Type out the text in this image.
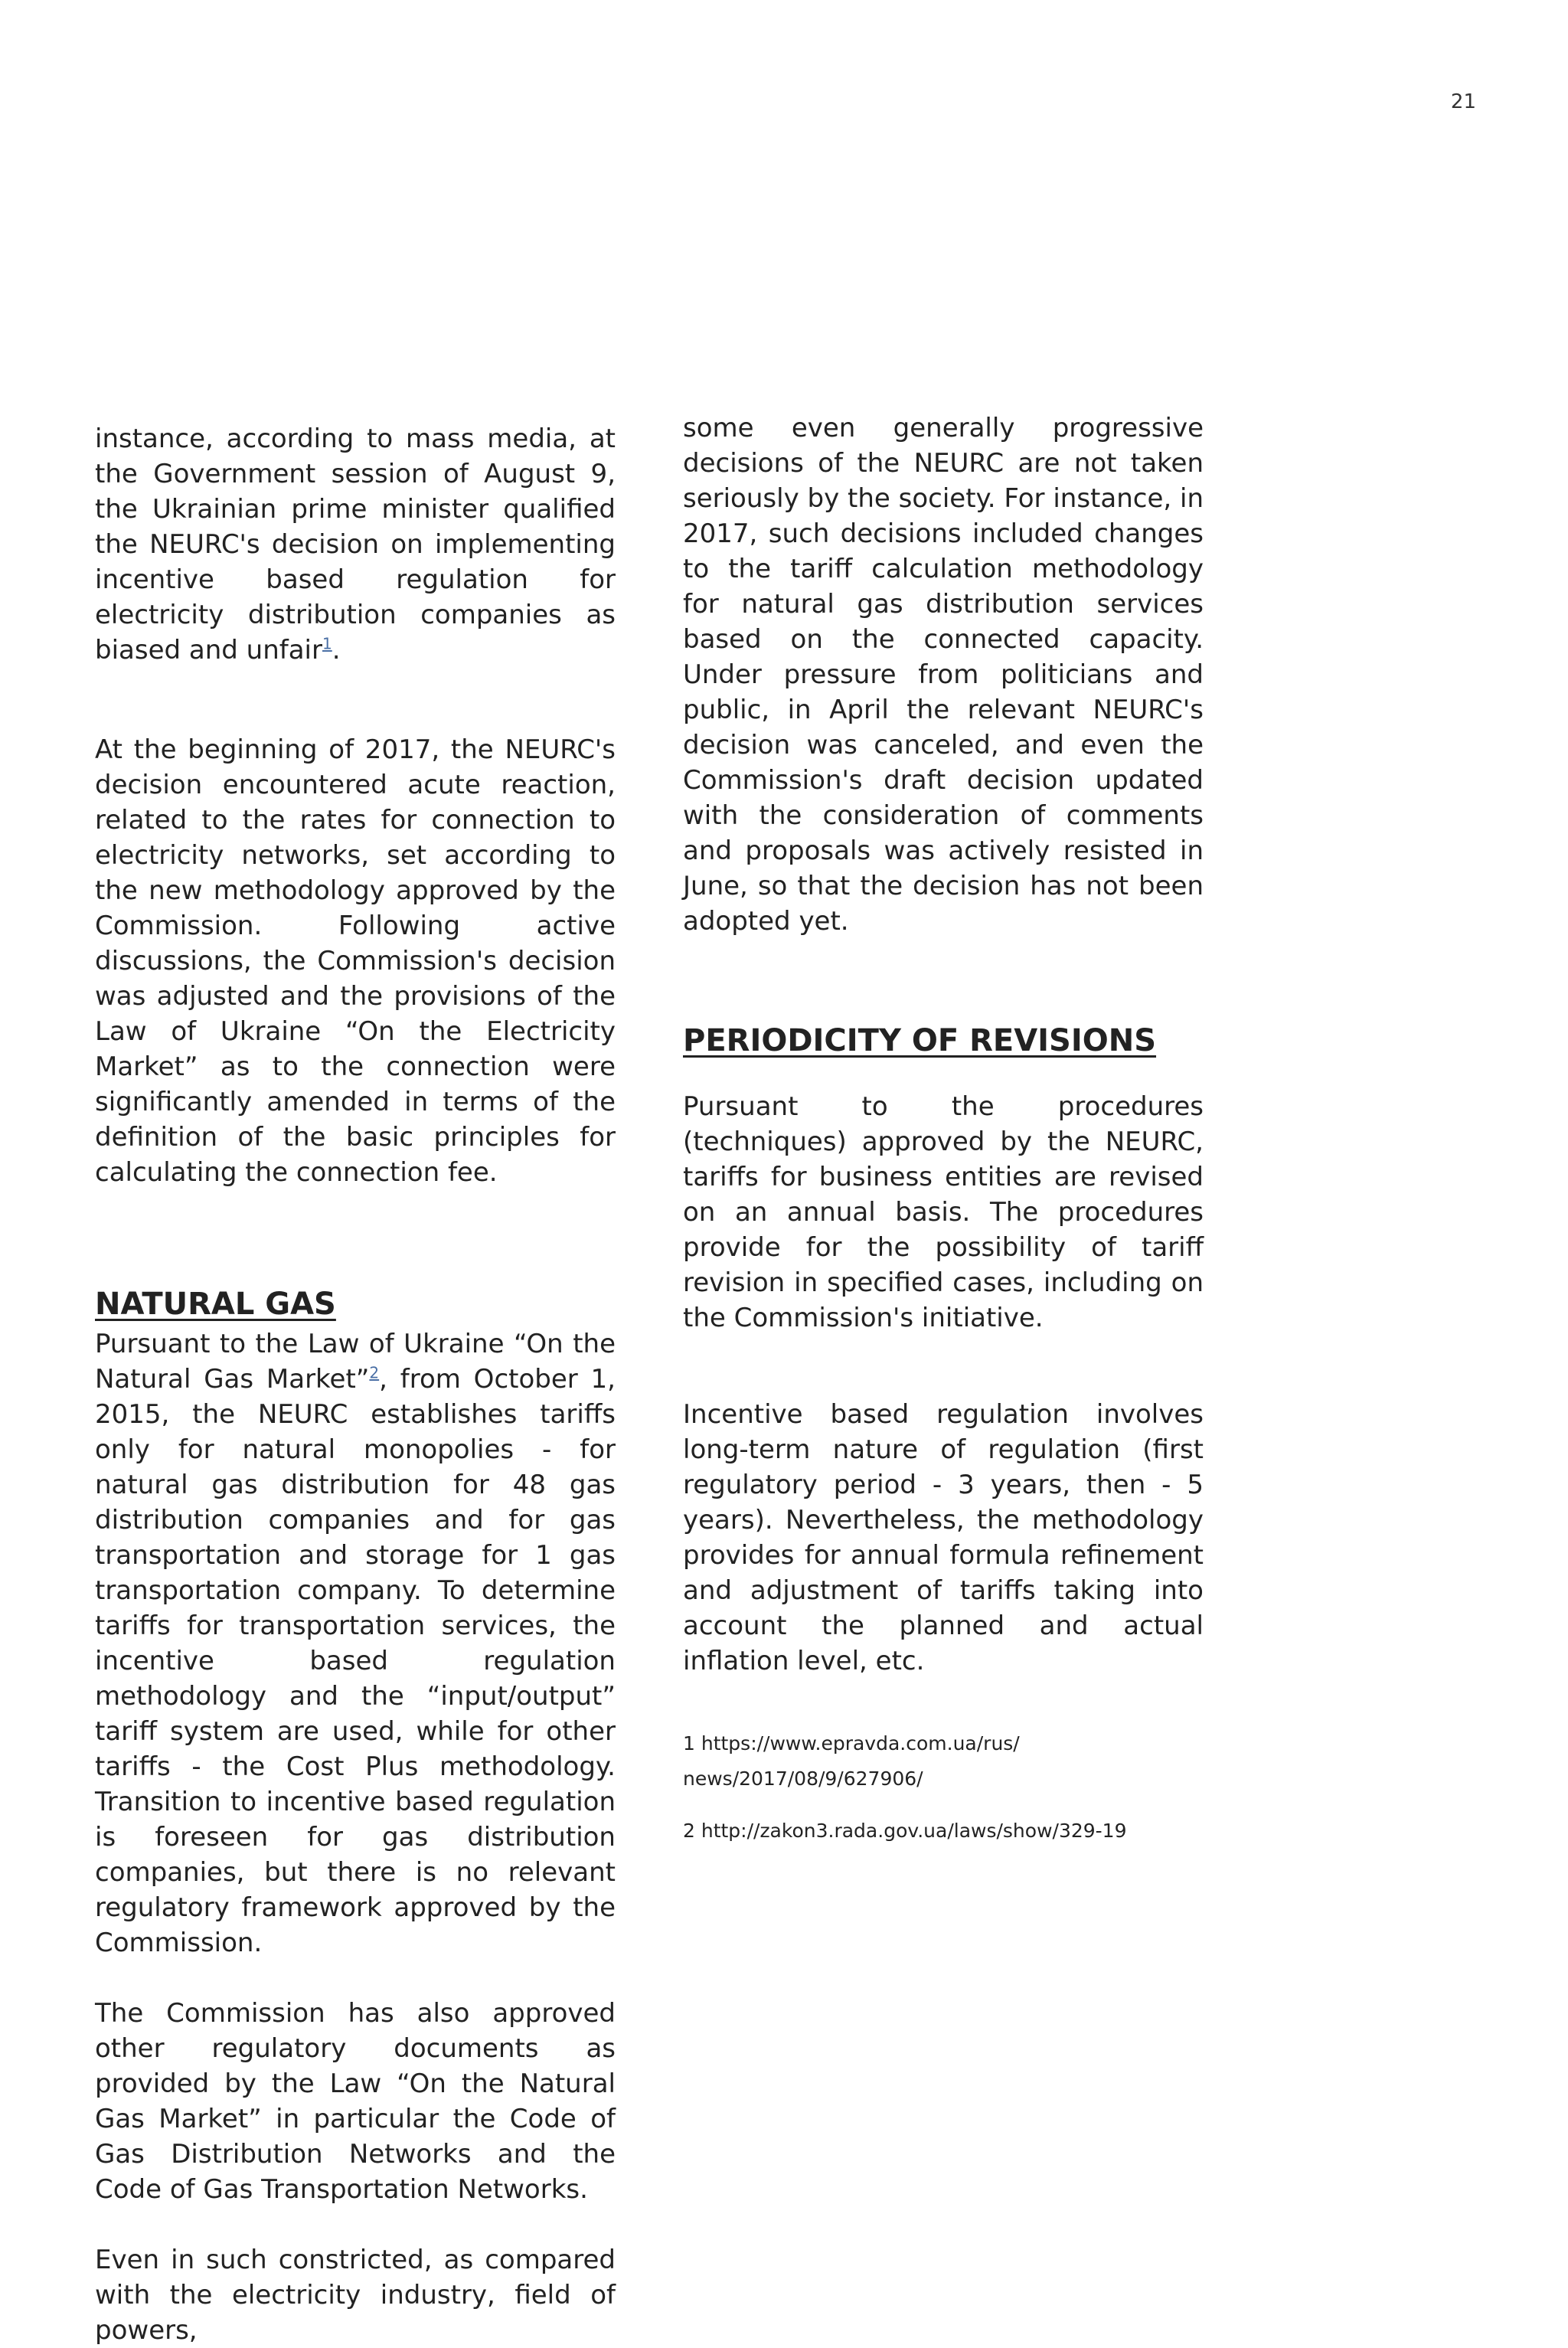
21

instance, according to mass media, at the Government session of August 9, the Ukrainian prime minister qualified the NEURC's decision on implementing incentive based regulation for electricity distribution companies as biased and unfair$^1$.

At the beginning of 2017, the NEURC's decision encountered acute reaction, related to the rates for connection to electricity networks, set according to the new methodology approved by the Commission. Following active discussions, the Commission's decision was adjusted and the provisions of the Law of Ukraine “On the Electricity Market” as to the connection were significantly amended in terms of the definition of the basic principles for calculating the connection fee.

NATURAL GAS

Pursuant to the Law of Ukraine “On the Natural Gas Market”$^2$, from October 1, 2015, the NEURC establishes tariffs only for natural monopolies - for natural gas distribution for 48 gas distribution companies and for gas transportation and storage for 1 gas transportation company. To determine tariffs for transportation services, the incentive based regulation methodology and the “input/output” tariff system are used, while for other tariffs - the Cost Plus methodology. Transition to incentive based regulation is foreseen for gas distribution companies, but there is no relevant regulatory framework approved by the Commission.

The Commission has also approved other regulatory documents as provided by the Law “On the Natural Gas Market” in particular the Code of Gas Distribution Networks and the Code of Gas Transportation Networks.

Even in such constricted, as compared with the electricity industry, field of powers,

some even generally progressive decisions of the NEURC are not taken seriously by the society. For instance, in 2017, such decisions included changes to the tariff calculation methodology for natural gas distribution services based on the connected capacity. Under pressure from politicians and public, in April the relevant NEURC's decision was canceled, and even the Commission's draft decision updated with the consideration of comments and proposals was actively resisted in June, so that the decision has not been adopted yet.

PERIODICITY OF REVISIONS

Pursuant to the procedures (techniques) approved by the NEURC, tariffs for business entities are revised on an annual basis. The procedures provide for the possibility of tariff revision in specified cases, including on the Commission's initiative.

Incentive based regulation involves long-term nature of regulation (first regulatory period - 3 years, then - 5 years). Nevertheless, the methodology provides for annual formula refinement and adjustment of tariffs taking into account the planned and actual inflation level, etc.

1 https://www.epravda.com.ua/rus/

news/2017/08/9/627906/

2 http://zakon3.rada.gov.ua/laws/show/329-19
